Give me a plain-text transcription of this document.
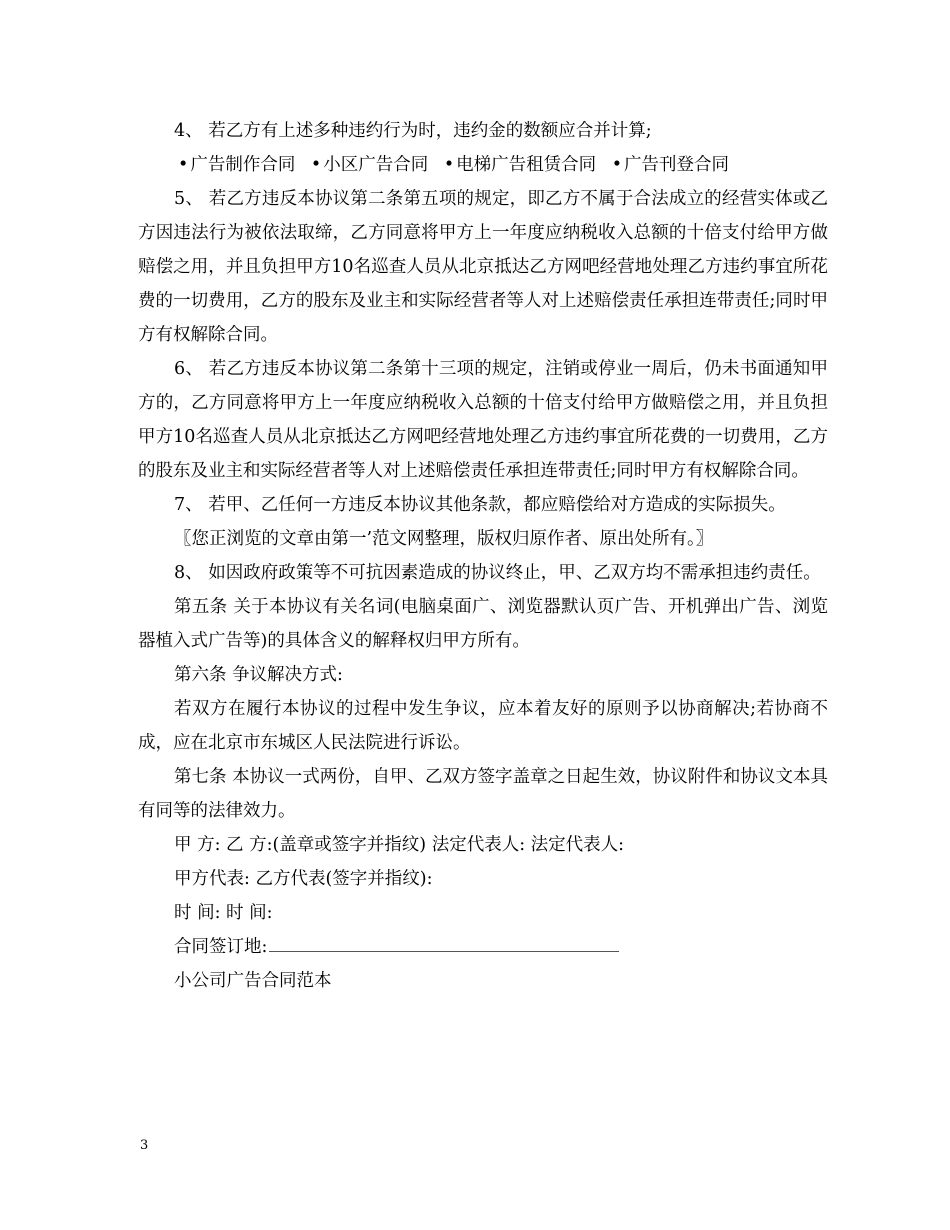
4、 若乙方有上述多种违约行为时，违约金的数额应合并计算;

• 广告制作合同 • 小区广告合同 • 电梯广告租赁合同 • 广告刊登合同

5、 若乙方违反本协议第二条第五项的规定，即乙方不属于合法成立的经营实体或乙方因违法行为被依法取缔，乙方同意将甲方上一年度应纳税收入总额的十倍支付给甲方做赔偿之用，并且负担甲方10名巡查人员从北京抵达乙方网吧经营地处理乙方违约事宜所花费的一切费用，乙方的股东及业主和实际经营者等人对上述赔偿责任承担连带责任;同时甲方有权解除合同。

6、 若乙方违反本协议第二条第十三项的规定，注销或停业一周后，仍未书面通知甲方的，乙方同意将甲方上一年度应纳税收入总额的十倍支付给甲方做赔偿之用，并且负担甲方10名巡查人员从北京抵达乙方网吧经营地处理乙方违约事宜所花费的一切费用，乙方的股东及业主和实际经营者等人对上述赔偿责任承担连带责任;同时甲方有权解除合同。

7、 若甲、乙任何一方违反本协议其他条款，都应赔偿给对方造成的实际损失。

〖您正浏览的文章由第一’范文网整理，版权归原作者、原出处所有。〗

8、 如因政府政策等不可抗因素造成的协议终止，甲、乙双方均不需承担违约责任。

第五条 关于本协议有关名词(电脑桌面广、浏览器默认页广告、开机弹出广告、浏览器植入式广告等)的具体含义的解释权归甲方所有。

第六条 争议解决方式:

若双方在履行本协议的过程中发生争议，应本着友好的原则予以协商解决;若协商不成，应在北京市东城区人民法院进行诉讼。

第七条 本协议一式两份，自甲、乙双方签字盖章之日起生效，协议附件和协议文本具有同等的法律效力。

甲 方: 乙 方:(盖章或签字并指纹) 法定代表人: 法定代表人:

甲方代表: 乙方代表(签字并指纹):

时 间: 时 间:

合同签订地:

小公司广告合同范本

3
